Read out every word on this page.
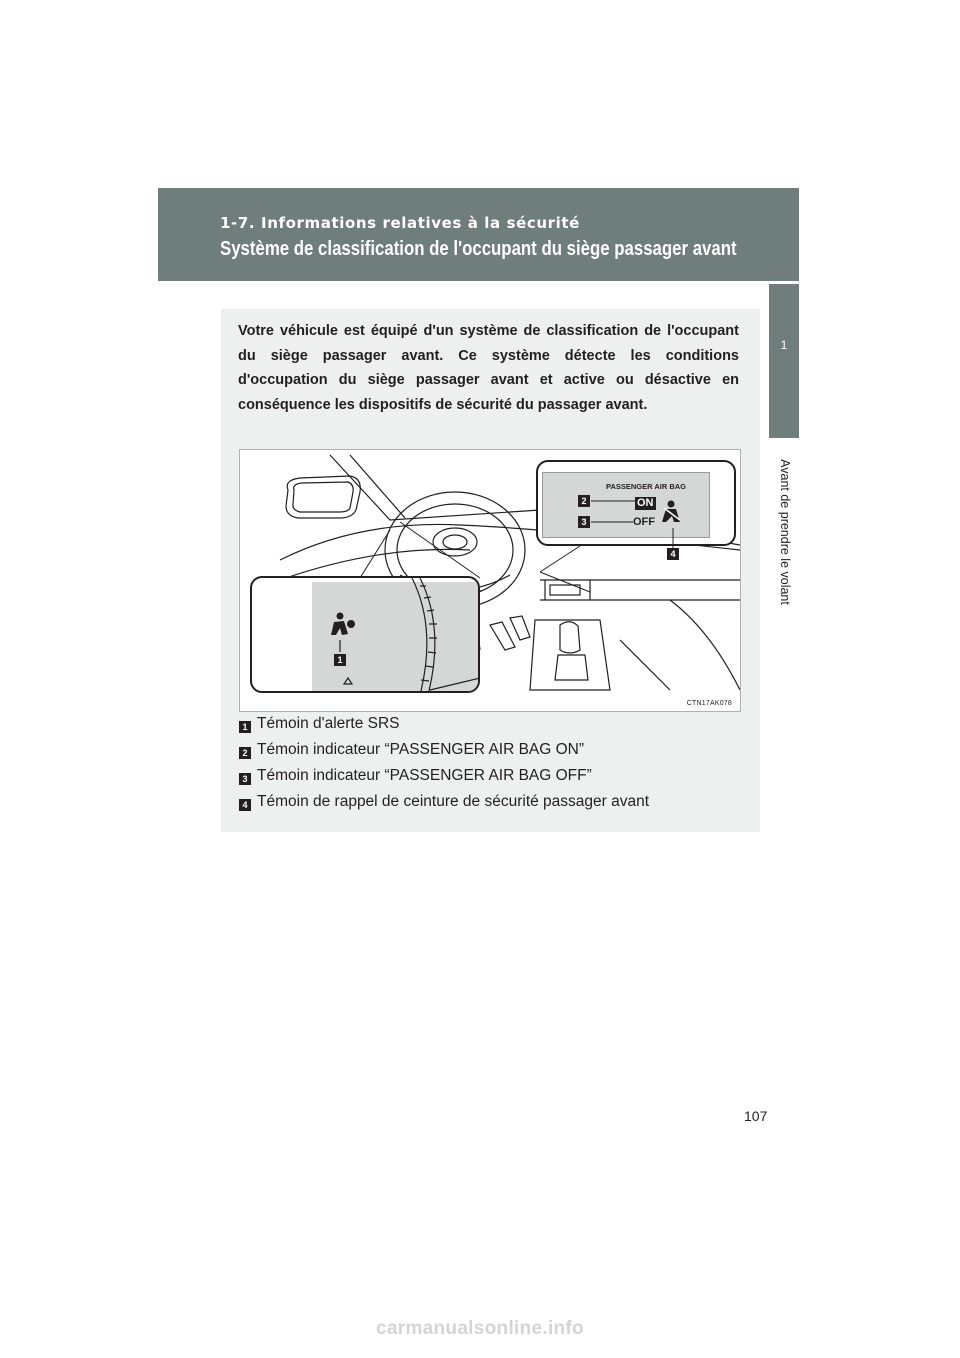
1-7. Informations relatives à la sécurité
Système de classification de l'occupant du siège passager avant
1
Avant de prendre le volant

Votre véhicule est équipé d'un système de classification de l'occupant du siège passager avant. Ce système détecte les conditions d'occupation du siège passager avant et active ou désactive en conséquence les dispositifs de sécurité du passager avant.

PASSENGER AIR BAG
2
3
ON
OFF
4
1
CTN17AK078
1 Témoin d'alerte SRS
2 Témoin indicateur “PASSENGER AIR BAG ON”
3 Témoin indicateur “PASSENGER AIR BAG OFF”
4 Témoin de rappel de ceinture de sécurité passager avant
107
carmanualsonline.info
